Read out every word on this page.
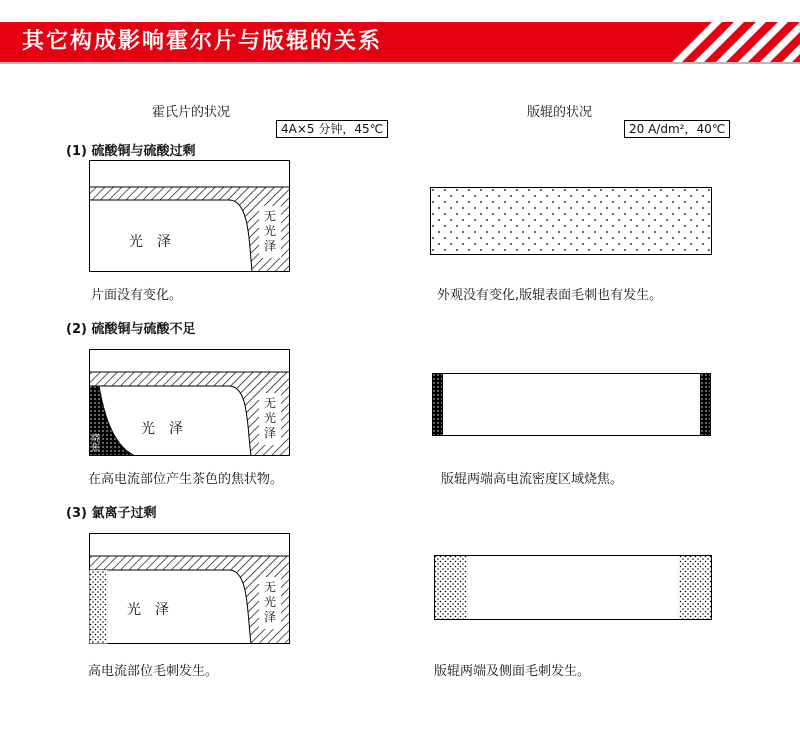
其它构成影响霍尔片与版辊的关系
霍氏片的状况
4A×5 分钟，45℃
版辊的状况
20 A/dm²，40℃
(1) 硫酸铜与硫酸过剩
光　泽
无
光
泽
片面没有变化。	外观没有变化,版辊表面毛刺也有发生。
(2) 硫酸铜与硫酸不足
光　泽
无
光
泽
烧
焦
在高电流部位产生茶色的焦状物。	版辊两端高电流密度区域烧焦。
(3) 氯离子过剩
光　泽
无
光
泽
高电流部位毛刺发生。	版辊两端及侧面毛刺发生。
